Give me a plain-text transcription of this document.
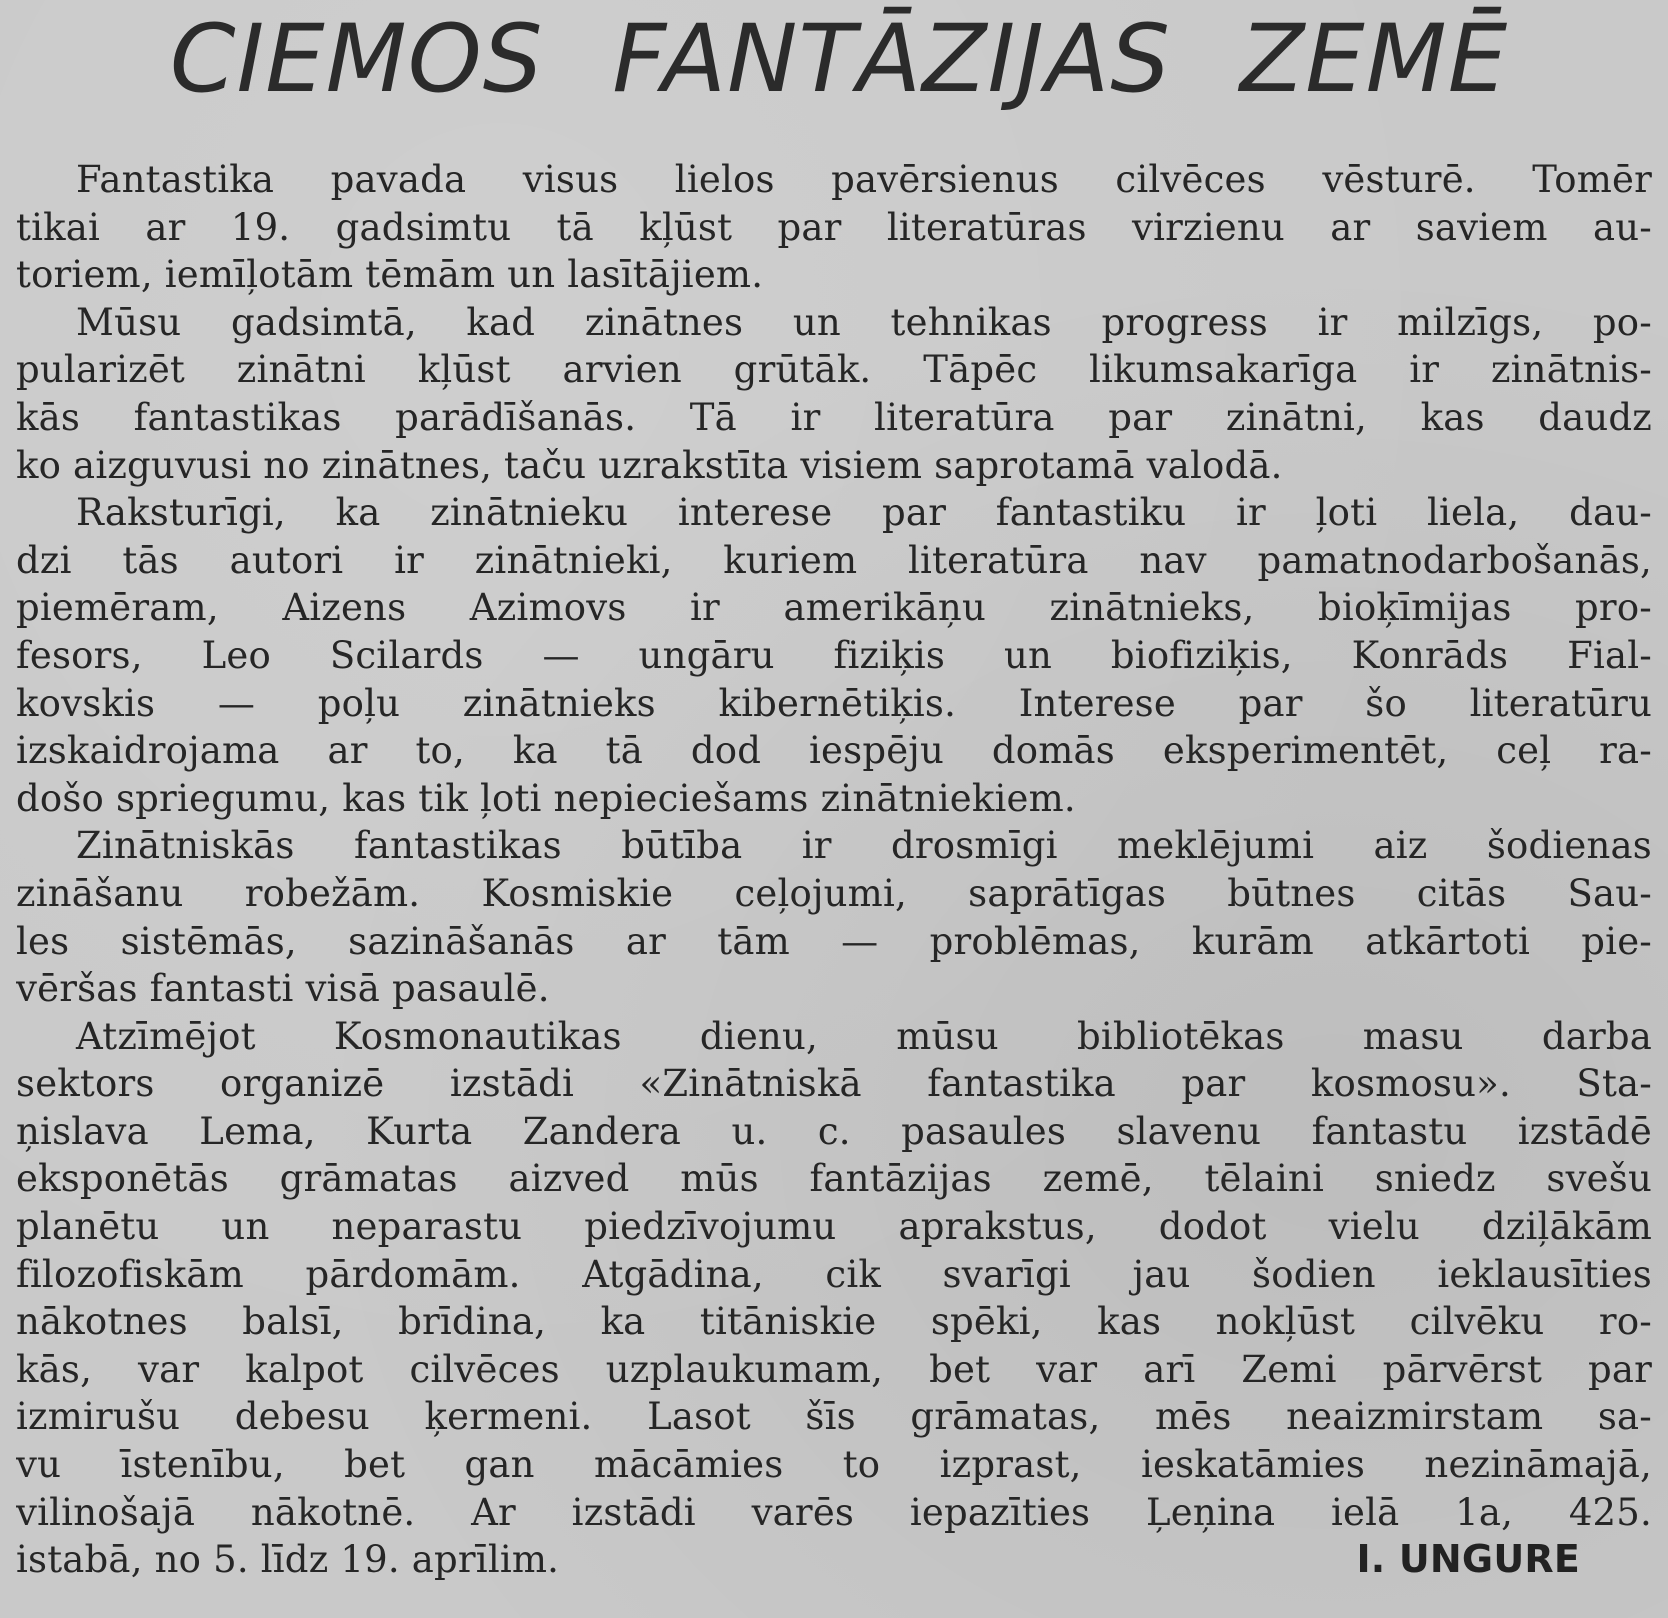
CIEMOS FANTĀZIJAS ZEMĒ
Fantastika pavada visus lielos pavērsienus cilvēces vēsturē. Tomēr
tikai ar 19. gadsimtu tā kļūst par literatūras virzienu ar saviem au-
toriem, iemīļotām tēmām un lasītājiem.
Mūsu gadsimtā, kad zinātnes un tehnikas progress ir milzīgs, po-
pularizēt zinātni kļūst arvien grūtāk. Tāpēc likumsakarīga ir zinātnis-
kās fantastikas parādīšanās. Tā ir literatūra par zinātni, kas daudz
ko aizguvusi no zinātnes, taču uzrakstīta visiem saprotamā valodā.
Raksturīgi, ka zinātnieku interese par fantastiku ir ļoti liela, dau-
dzi tās autori ir zinātnieki, kuriem literatūra nav pamatnodarbošanās,
piemēram, Aizens Azimovs ir amerikāņu zinātnieks, bioķīmijas pro-
fesors, Leo Scilards — ungāru fiziķis un biofiziķis, Konrāds Fial-
kovskis — poļu zinātnieks kibernētiķis. Interese par šo literatūru
izskaidrojama ar to, ka tā dod iespēju domās eksperimentēt, ceļ ra-
došo spriegumu, kas tik ļoti nepieciešams zinātniekiem.
Zinātniskās fantastikas būtība ir drosmīgi meklējumi aiz šodienas
zināšanu robežām. Kosmiskie ceļojumi, saprātīgas būtnes citās Sau-
les sistēmās, sazināšanās ar tām — problēmas, kurām atkārtoti pie-
vēršas fantasti visā pasaulē.
Atzīmējot Kosmonautikas dienu, mūsu bibliotēkas masu darba
sektors organizē izstādi «Zinātniskā fantastika par kosmosu». Sta-
ņislava Lema, Kurta Zandera u. c. pasaules slavenu fantastu izstādē
eksponētās grāmatas aizved mūs fantāzijas zemē, tēlaini sniedz svešu
planētu un neparastu piedzīvojumu aprakstus, dodot vielu dziļākām
filozofiskām pārdomām. Atgādina, cik svarīgi jau šodien ieklausīties
nākotnes balsī, brīdina, ka titāniskie spēki, kas nokļūst cilvēku ro-
kās, var kalpot cilvēces uzplaukumam, bet var arī Zemi pārvērst par
izmirušu debesu ķermeni. Lasot šīs grāmatas, mēs neaizmirstam sa-
vu īstenību, bet gan mācāmies to izprast, ieskatāmies nezināmajā,
vilinošajā nākotnē. Ar izstādi varēs iepazīties Ļeņina ielā 1a, 425.
istabā, no 5. līdz 19. aprīlim.	I. UNGURE
